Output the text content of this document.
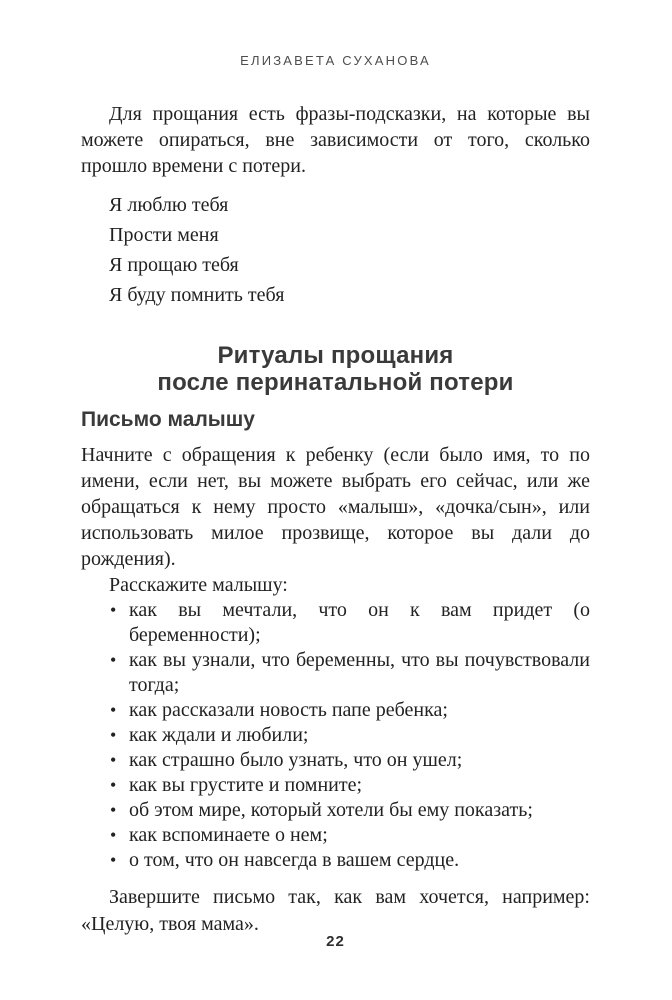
ЕЛИЗАВЕТА СУХАНОВА

Для прощания есть фразы-подсказки, на которые вы можете опираться, вне зависимости от того, сколько прошло времени с потери.

Я люблю тебя

Прости меня

Я прощаю тебя

Я буду помнить тебя

Ритуалы прощания
после перинатальной потери
Письмо малышу

Начните с обращения к ребенку (если было имя, то по имени, если нет, вы можете выбрать его сейчас, или же обращаться к нему просто «малыш», «дочка/сын», или использовать милое прозвище, которое вы дали до рождения).

Расскажите малышу:

• как вы мечтали, что он к вам придет (о беременности);
• как вы узнали, что беременны, что вы почувствовали тогда;
• как рассказали новость папе ребенка;
• как ждали и любили;
• как страшно было узнать, что он ушел;
• как вы грустите и помните;
• об этом мире, который хотели бы ему показать;
• как вспоминаете о нем;
• о том, что он навсегда в вашем сердце.

Завершите письмо так, как вам хочется, например: «Целую, твоя мама».

22
